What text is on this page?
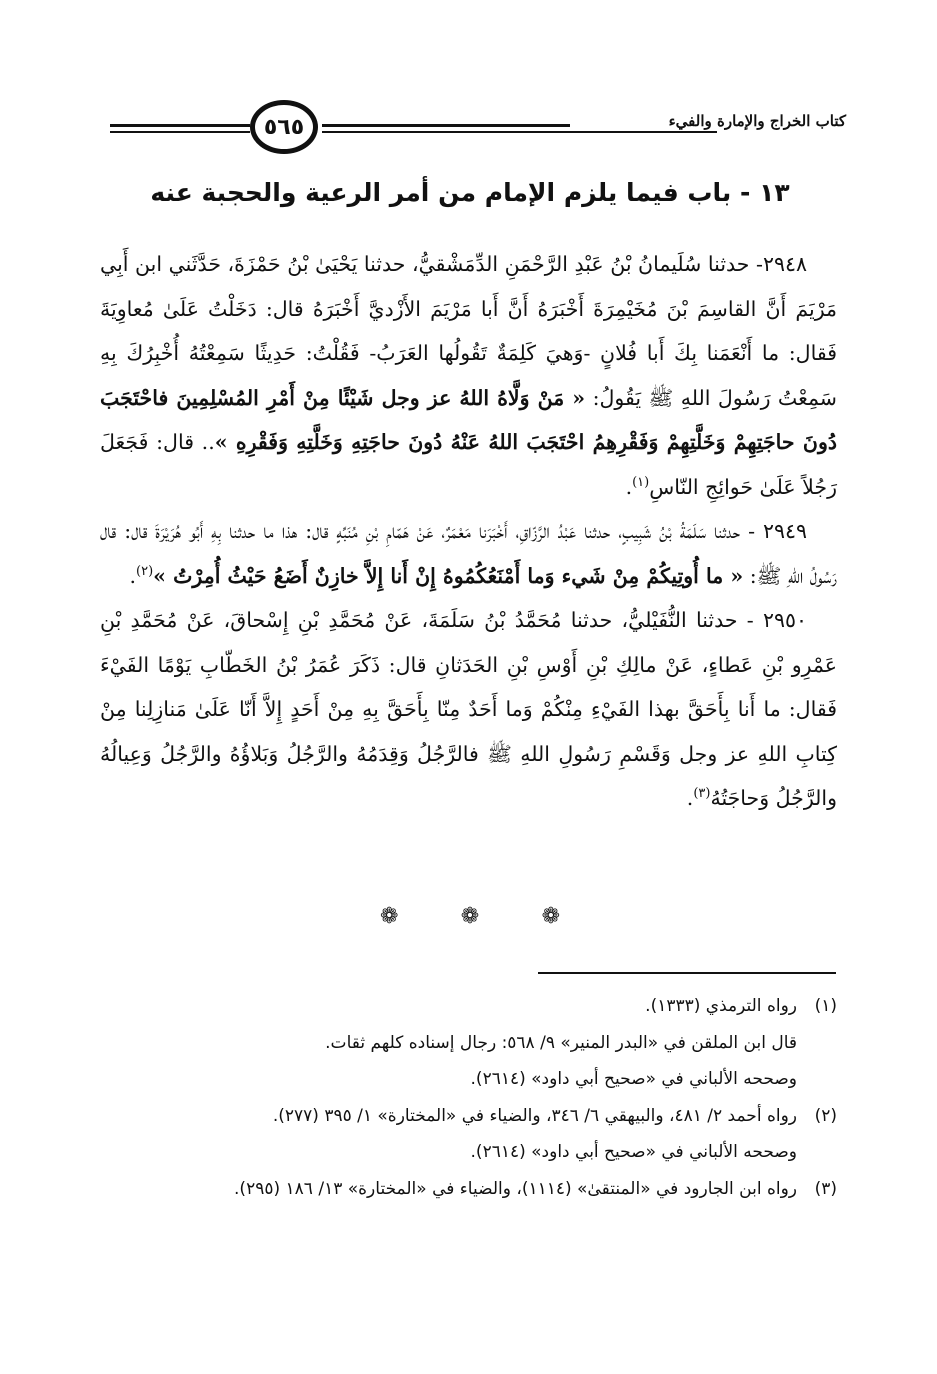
٥٦٥	كتاب الخراج والإمارة والفيء
١٣ - باب فيما يلزم الإمام من أمر الرعية والحجبة عنه

٢٩٤٨- حدثنا سُلَيمانُ بْنُ عَبْدِ الرَّحْمَنِ الدِّمَشْقيُّ، حدثنا يَحْيَىٰ بْنُ حَمْزَةَ، حَدَّثَني ابن أَبِي مَرْيَمَ أَنَّ القاسِمَ بْنَ مُخَيْمِرَةَ أَخْبَرَهُ أَنَّ أَبا مَرْيَمَ الأَزْديَّ أَخْبَرَهُ قال: دَخَلْتُ عَلَىٰ مُعاوِيَةَ فَقال: ما أَنْعَمَنا بِكَ أَبا فُلانٍ -وَهيَ كَلِمَةٌ تَقُولُها العَرَبُ- فَقُلْتُ: حَدِيثًا سَمِعْتُهُ أُخْبِرُكَ بِهِ سَمِعْتُ رَسُولَ اللهِ ﷺ يَقُولُ: « مَنْ وَلَّاهُ اللهُ عز وجل شَيْئًا مِنْ أَمْرِ المُسْلِمِينَ فاحْتَجَبَ دُونَ حاجَتِهِمْ وَخَلَّتِهِمْ وَفَقْرِهِمُ احْتَجَبَ اللهُ عَنْهُ دُونَ حاجَتِهِ وَخَلَّتِهِ وَفَقْرِهِ ».. قال: فَجَعَلَ رَجُلاً عَلَىٰ حَوائِجِ النّاسِ$^{(١)}$.

٢٩٤٩ - حدثنا سَلَمَةُ بْنُ شَبِيبٍ، حدثنا عَبْدُ الرَّزّاقِ، أَخْبَرَنا مَعْمَرٌ، عَنْ هَمّامِ بْنِ مُنَبِّهٍ قال: هذا ما حدثنا بِهِ أَبُو هُرَيْرَةَ قال: قال رَسُولُ اللهِ ﷺ: « ما أُوتِيكُمْ مِنْ شَيء وَما أَمْنَعُكُمُوهُ إِنْ أَنا إِلاَّ خازِنٌ أَضَعُ حَيْثُ أُمِرْتُ »$^{(٢)}$.

٢٩٥٠ - حدثنا النُّفَيْليُّ، حدثنا مُحَمَّدُ بْنُ سَلَمَةَ، عَنْ مُحَمَّدِ بْنِ إِسْحاقَ، عَنْ مُحَمَّدِ بْنِ عَمْرِو بْنِ عَطاءٍ، عَنْ مالِكِ بْنِ أَوْسِ بْنِ الحَدَثانِ قال: ذَكَرَ عُمَرُ بْنُ الخَطّابِ يَوْمًا الفَيْءَ فَقال: ما أَنا بِأَحَقَّ بهذا الفَيْءِ مِنْكُمْ وَما أَحَدٌ مِنّا بِأَحَقَّ بِهِ مِنْ أَحَدٍ إِلاَّ أَنّا عَلَىٰ مَنازِلِنا مِنْ كِتابِ اللهِ عز وجل وَقَسْمِ رَسُولِ اللهِ ﷺ فالرَّجُلُ وَقِدَمُهُ والرَّجُلُ وَبَلاؤُهُ والرَّجُلُ وَعِيالُهُ والرَّجُلُ وَحاجَتُهُ$^{(٣)}$.

❁	❁	❁

(١)
رواه الترمذي (١٣٣٣).
قال ابن الملقن في «البدر المنير» ٩/ ٥٦٨: رجال إسناده كلهم ثقات.
وصححه الألباني في «صحيح أبي داود» (٢٦١٤).

(٢)
رواه أحمد ٢/ ٤٨١، والبيهقي ٦/ ٣٤٦، والضياء في «المختارة» ١/ ٣٩٥ (٢٧٧).
وصححه الألباني في «صحيح أبي داود» (٢٦١٤).

(٣)
رواه ابن الجارود في «المنتقىٰ» (١١١٤)، والضياء في «المختارة» ١٣/ ١٨٦ (٢٩٥).
